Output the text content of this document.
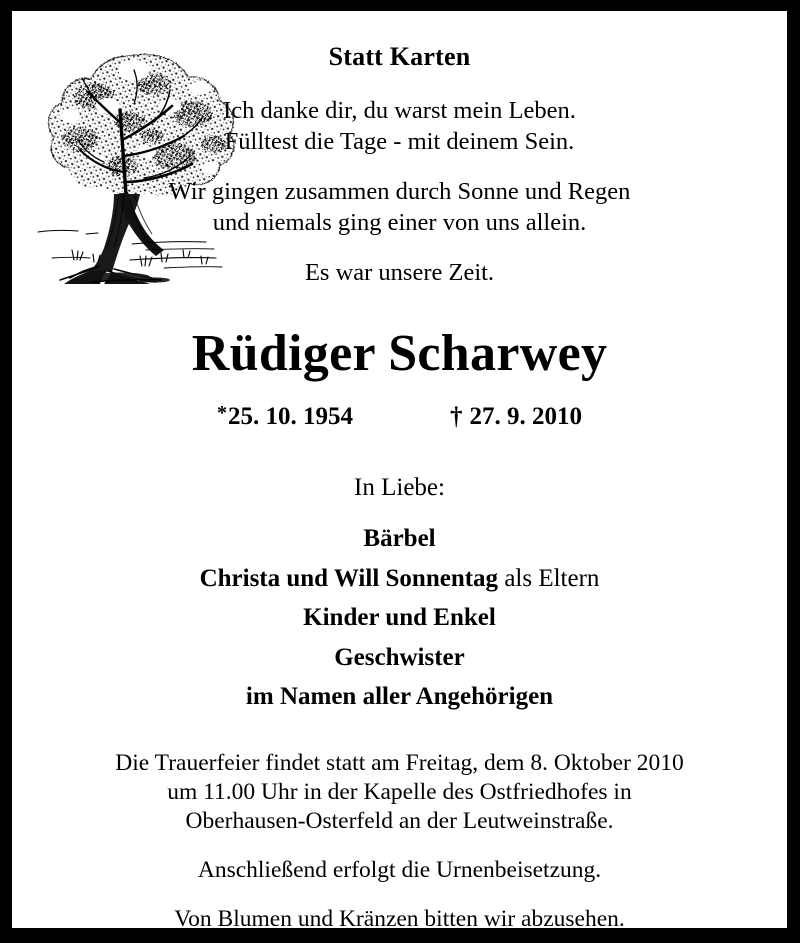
Statt Karten
Ich danke dir, du warst mein Leben.
Fülltest die Tage - mit deinem Sein.
Wir gingen zusammen durch Sonne und Regen
und niemals ging einer von uns allein.
Es war unsere Zeit.
Rüdiger Scharwey
*25. 10. 1954	† 27. 9. 2010
In Liebe:
Bärbel
Christa und Will Sonnentag als Eltern
Kinder und Enkel
Geschwister
im Namen aller Angehörigen
Die Trauerfeier findet statt am Freitag, dem 8. Oktober 2010
um 11.00 Uhr in der Kapelle des Ostfriedhofes in
Oberhausen-Osterfeld an der Leutweinstraße.
Anschließend erfolgt die Urnenbeisetzung.
Von Blumen und Kränzen bitten wir abzusehen.
